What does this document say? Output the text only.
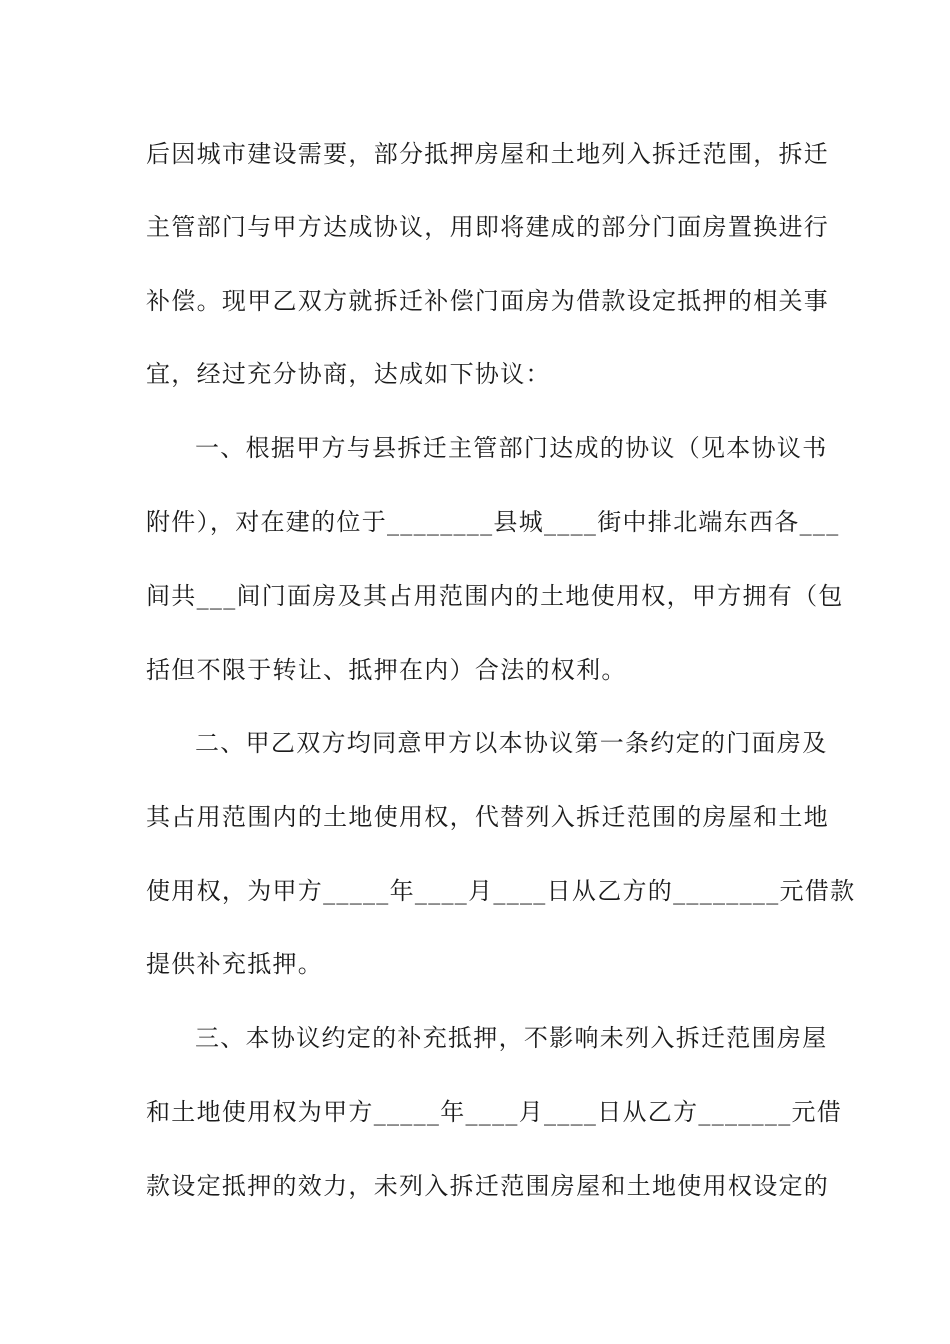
后因城市建设需要，部分抵押房屋和土地列入拆迁范围，拆迁
主管部门与甲方达成协议，用即将建成的部分门面房置换进行
补偿。现甲乙双方就拆迁补偿门面房为借款设定抵押的相关事
宜，经过充分协商，达成如下协议：
一、根据甲方与县拆迁主管部门达成的协议（见本协议书
附件），对在建的位于________县城____街中排北端东西各___
间共___间门面房及其占用范围内的土地使用权，甲方拥有（包
括但不限于转让、抵押在内）合法的权利。
二、甲乙双方均同意甲方以本协议第一条约定的门面房及
其占用范围内的土地使用权，代替列入拆迁范围的房屋和土地
使用权，为甲方_____年____月____日从乙方的________元借款
提供补充抵押。
三、本协议约定的补充抵押，不影响未列入拆迁范围房屋
和土地使用权为甲方_____年____月____日从乙方_______元借
款设定抵押的效力，未列入拆迁范围房屋和土地使用权设定的
